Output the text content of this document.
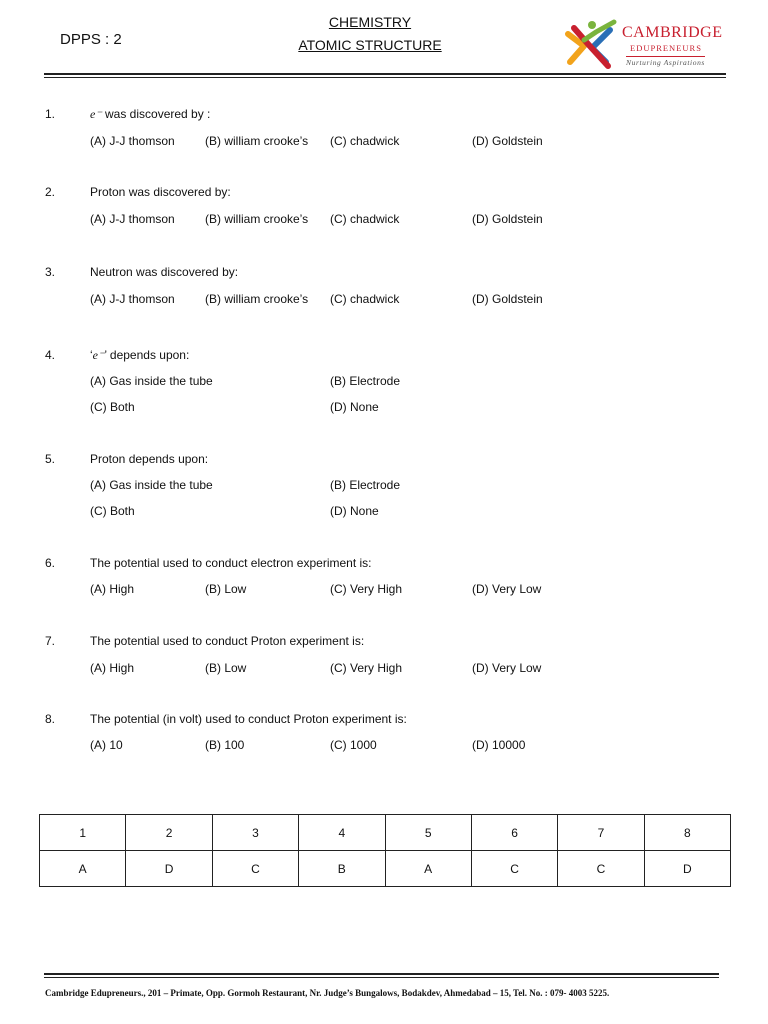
DPPS : 2
CHEMISTRY
ATOMIC STRUCTURE
CAMBRIDGE
EDUPRENEURS
Nurturing Aspirations
1.	e⁻ was discovered by :
(A) J-J thomson	(B) william crooke’s (C) chadwick	(D) Goldstein
2.	Proton was discovered by:
(A) J-J thomson	(B) william crooke’s (C) chadwick	(D) Goldstein
3.	Neutron was discovered by:
(A) J-J thomson	(B) william crooke’s (C) chadwick	(D) Goldstein
4.	‘e⁻’ depends upon:
(A) Gas inside the tube	(B) Electrode
(C) Both	(D) None
5.	Proton depends upon:
(A) Gas inside the tube	(B) Electrode
(C) Both	(D) None
6.	The potential used to conduct electron experiment is:
(A) High	(B) Low	(C) Very High	(D) Very Low
7.	The potential used to conduct Proton experiment is:
(A) High	(B) Low	(C) Very High	(D) Very Low
8.	The potential (in volt) used to conduct Proton experiment is:
(A) 10	(B) 100	(C) 1000	(D) 10000
1	2	3	4	5	6	7	8
A	D	C	B	A	C	C	D
Cambridge Edupreneurs., 201 – Primate, Opp. Gormoh Restaurant, Nr. Judge’s Bungalows, Bodakdev, Ahmedabad – 15, Tel. No. : 079- 4003 5225.
